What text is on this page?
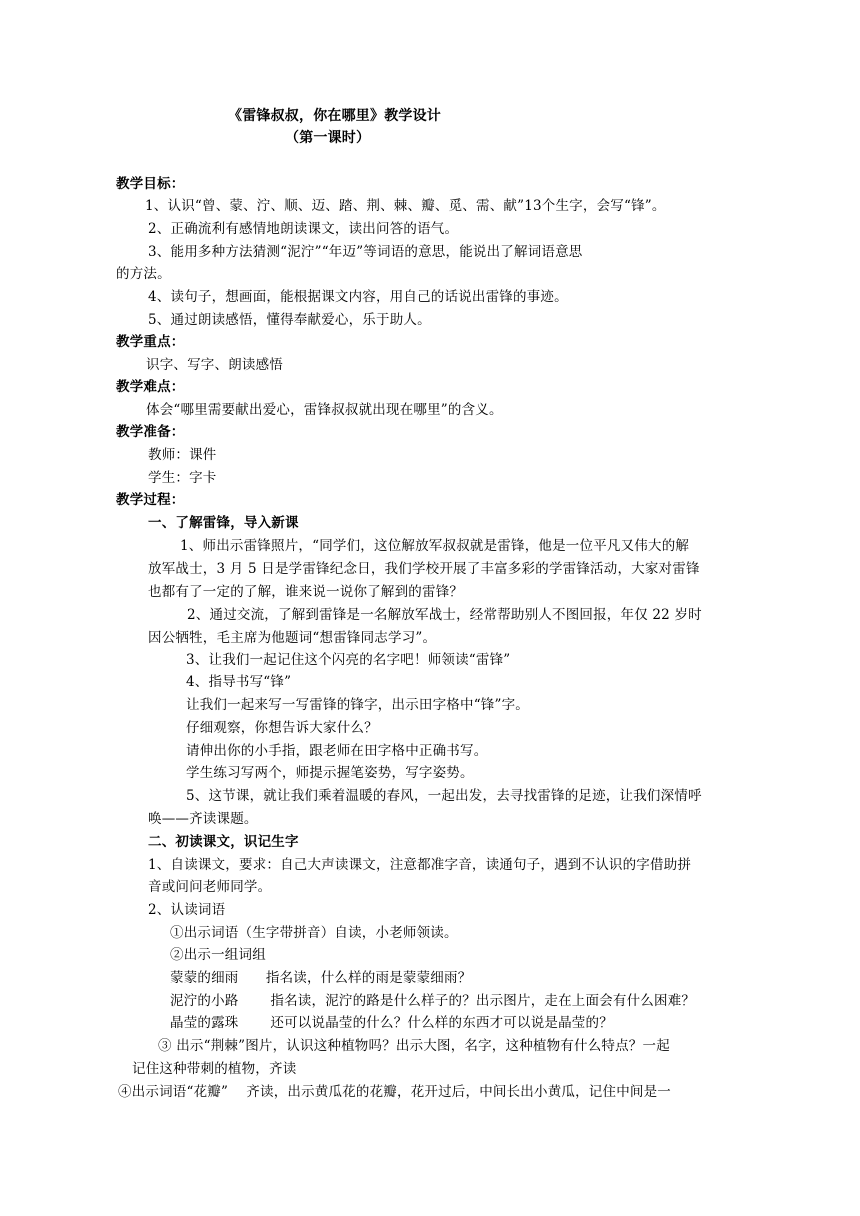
《雷锋叔叔，你在哪里》教学设计
（第一课时）
教学目标：
1、认识“曾、蒙、泞、顺、迈、踏、荆、棘、瓣、觅、需、献”13个生字，会写“锋”。
2、正确流利有感情地朗读课文，读出问答的语气。
3、能用多种方法猜测“泥泞”“年迈”等词语的意思，能说出了解词语意思
的方法。
4、读句子，想画面，能根据课文内容，用自己的话说出雷锋的事迹。
5、通过朗读感悟，懂得奉献爱心，乐于助人。
教学重点：
识字、写字、朗读感悟
教学难点：
体会“哪里需要献出爱心，雷锋叔叔就出现在哪里”的含义。
教学准备：
教师：课件
学生：字卡
教学过程：
一、了解雷锋，导入新课
1、师出示雷锋照片，“同学们，这位解放军叔叔就是雷锋，他是一位平凡又伟大的解
放军战士，3 月 5 日是学雷锋纪念日，我们学校开展了丰富多彩的学雷锋活动，大家对雷锋
也都有了一定的了解，谁来说一说你了解到的雷锋？
2、通过交流，了解到雷锋是一名解放军战士，经常帮助别人不图回报，年仅 22 岁时
因公牺牲，毛主席为他题词“想雷锋同志学习”。
3、让我们一起记住这个闪亮的名字吧！师领读“雷锋”
4、指导书写“锋”
让我们一起来写一写雷锋的锋字，出示田字格中“锋”字。
仔细观察，你想告诉大家什么？
请伸出你的小手指，跟老师在田字格中正确书写。
学生练习写两个，师提示握笔姿势，写字姿势。
5、这节课，就让我们乘着温暖的春风，一起出发，去寻找雷锋的足迹，让我们深情呼
唤——齐读课题。
二、初读课文，识记生字
1、自读课文，要求：自己大声读课文，注意都准字音，读通句子，遇到不认识的字借助拼
音或问问老师同学。
2、认读词语
①出示词语（生字带拼音）自读，小老师领读。
②出示一组词组
蒙蒙的细雨　　指名读，什么样的雨是蒙蒙细雨？
泥泞的小路　　 指名读，泥泞的路是什么样子的？出示图片，走在上面会有什么困难？
晶莹的露珠　　 还可以说晶莹的什么？什么样的东西才可以说是晶莹的？
③ 出示“荆棘”图片，认识这种植物吗？出示大图，名字，这种植物有什么特点？一起
记住这种带刺的植物，齐读
④出示词语“花瓣”　 齐读，出示黄瓜花的花瓣，花开过后，中间长出小黄瓜，记住中间是一
